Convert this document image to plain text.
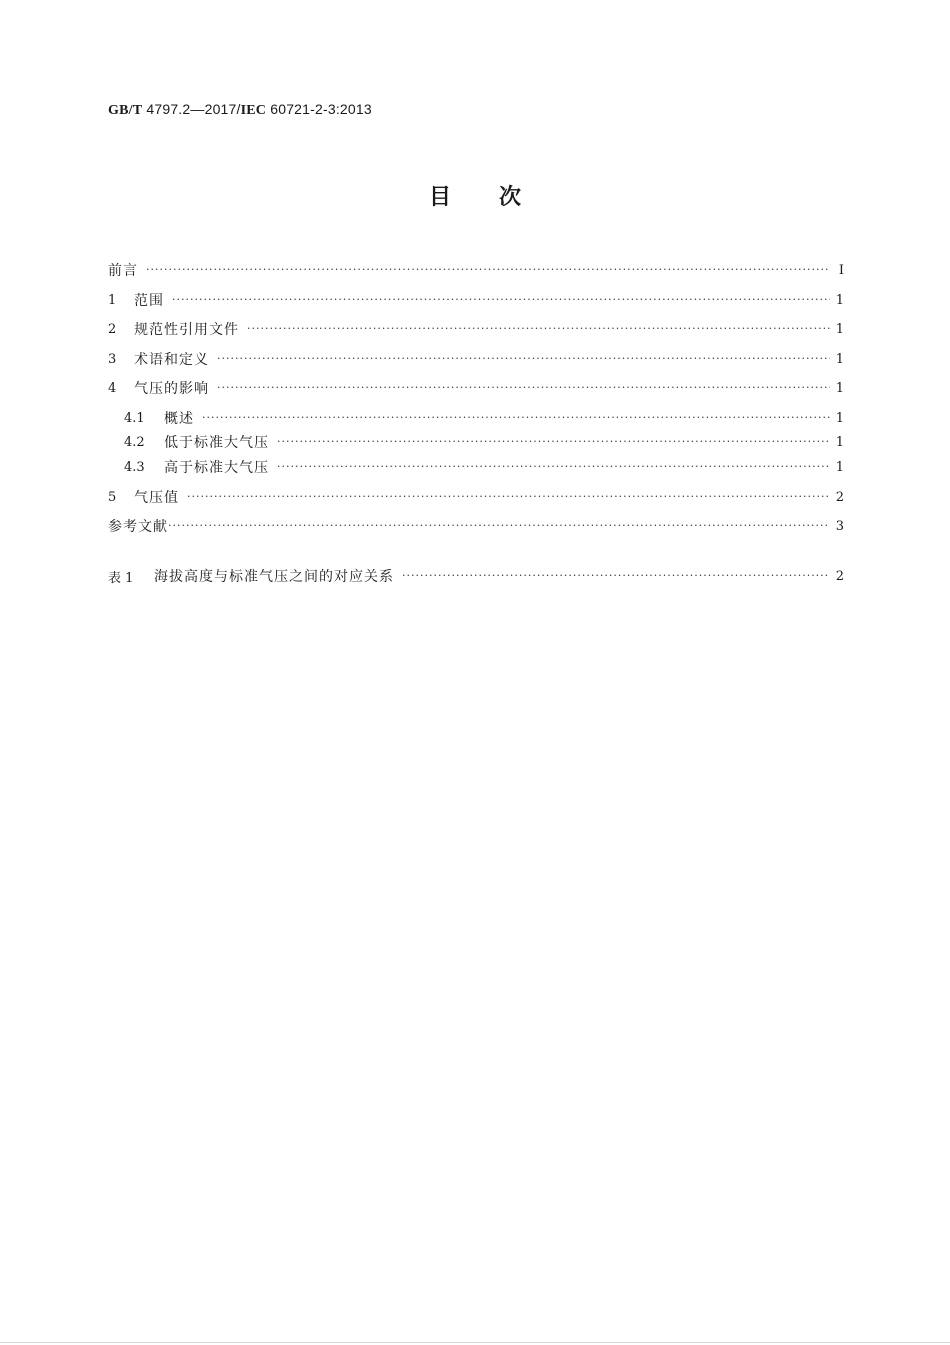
GB/T 4797.2—2017/IEC 60721-2-3:2013
目次
前言 ·····	Ⅰ
1	范围 ·····	1
2	规范性引用文件 ·····	1
3	术语和定义 ·····	1
4	气压的影响 ·····	1
4.1	概述 ·····	1
4.2	低于标准大气压 ·····	1
4.3	高于标准大气压 ·····	1
5	气压值 ·····	2
参考文献 ·····	3
表 1	海拔高度与标准气压之间的对应关系 ·····	2
